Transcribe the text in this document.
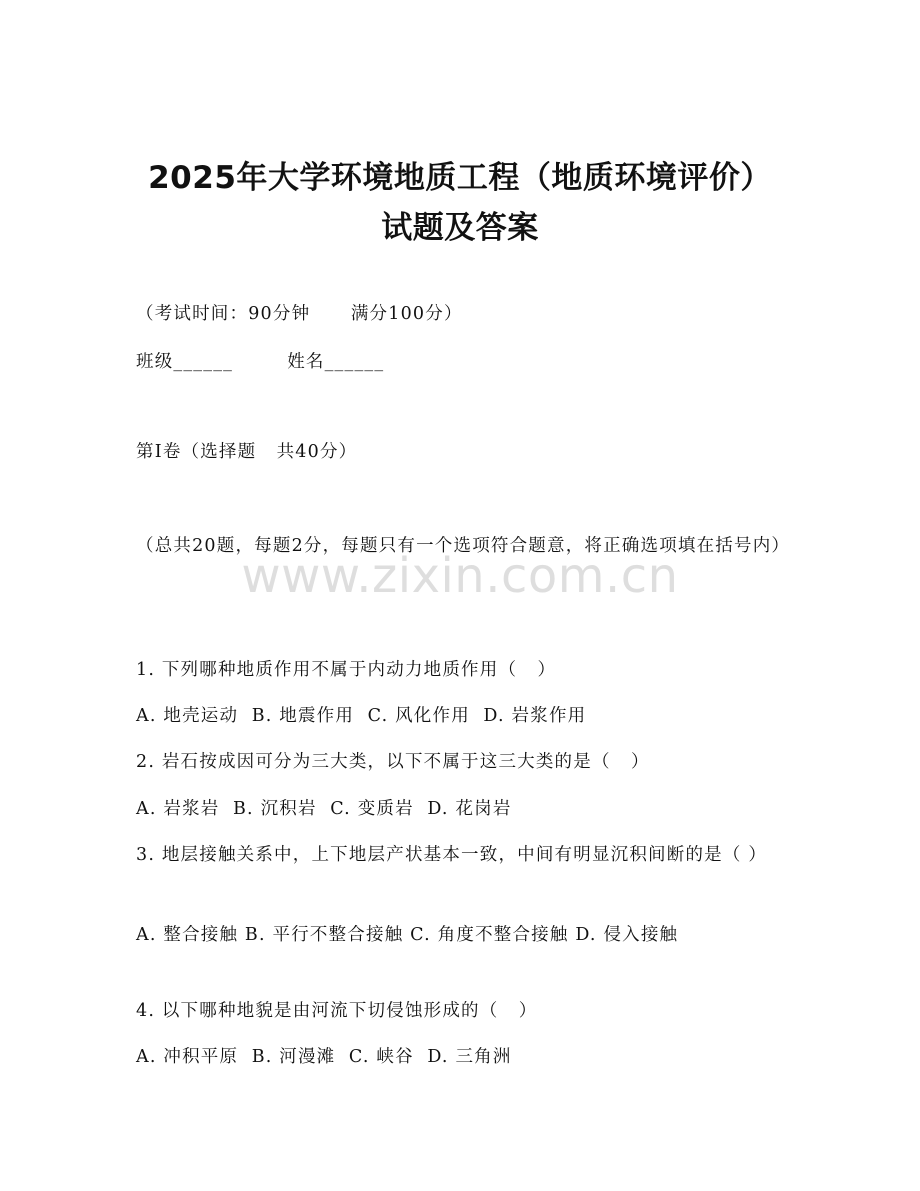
2025年大学环境地质工程（地质环境评价）
试题及答案
（考试时间：90分钟      满分100分）
班级______        姓名______
第I卷（选择题   共40分）
（总共20题，每题2分，每题只有一个选项符合题意，将正确选项填在括号内）
1. 下列哪种地质作用不属于内动力地质作用（   ）
A. 地壳运动  B. 地震作用  C. 风化作用  D. 岩浆作用
2. 岩石按成因可分为三大类，以下不属于这三大类的是（   ）
A. 岩浆岩  B. 沉积岩  C. 变质岩  D. 花岗岩
3. 地层接触关系中，上下地层产状基本一致，中间有明显沉积间断的是（ ）
A. 整合接触 B. 平行不整合接触 C. 角度不整合接触 D. 侵入接触
4. 以下哪种地貌是由河流下切侵蚀形成的（   ）
A. 冲积平原  B. 河漫滩  C. 峡谷  D. 三角洲
www.zixin.com.cn
